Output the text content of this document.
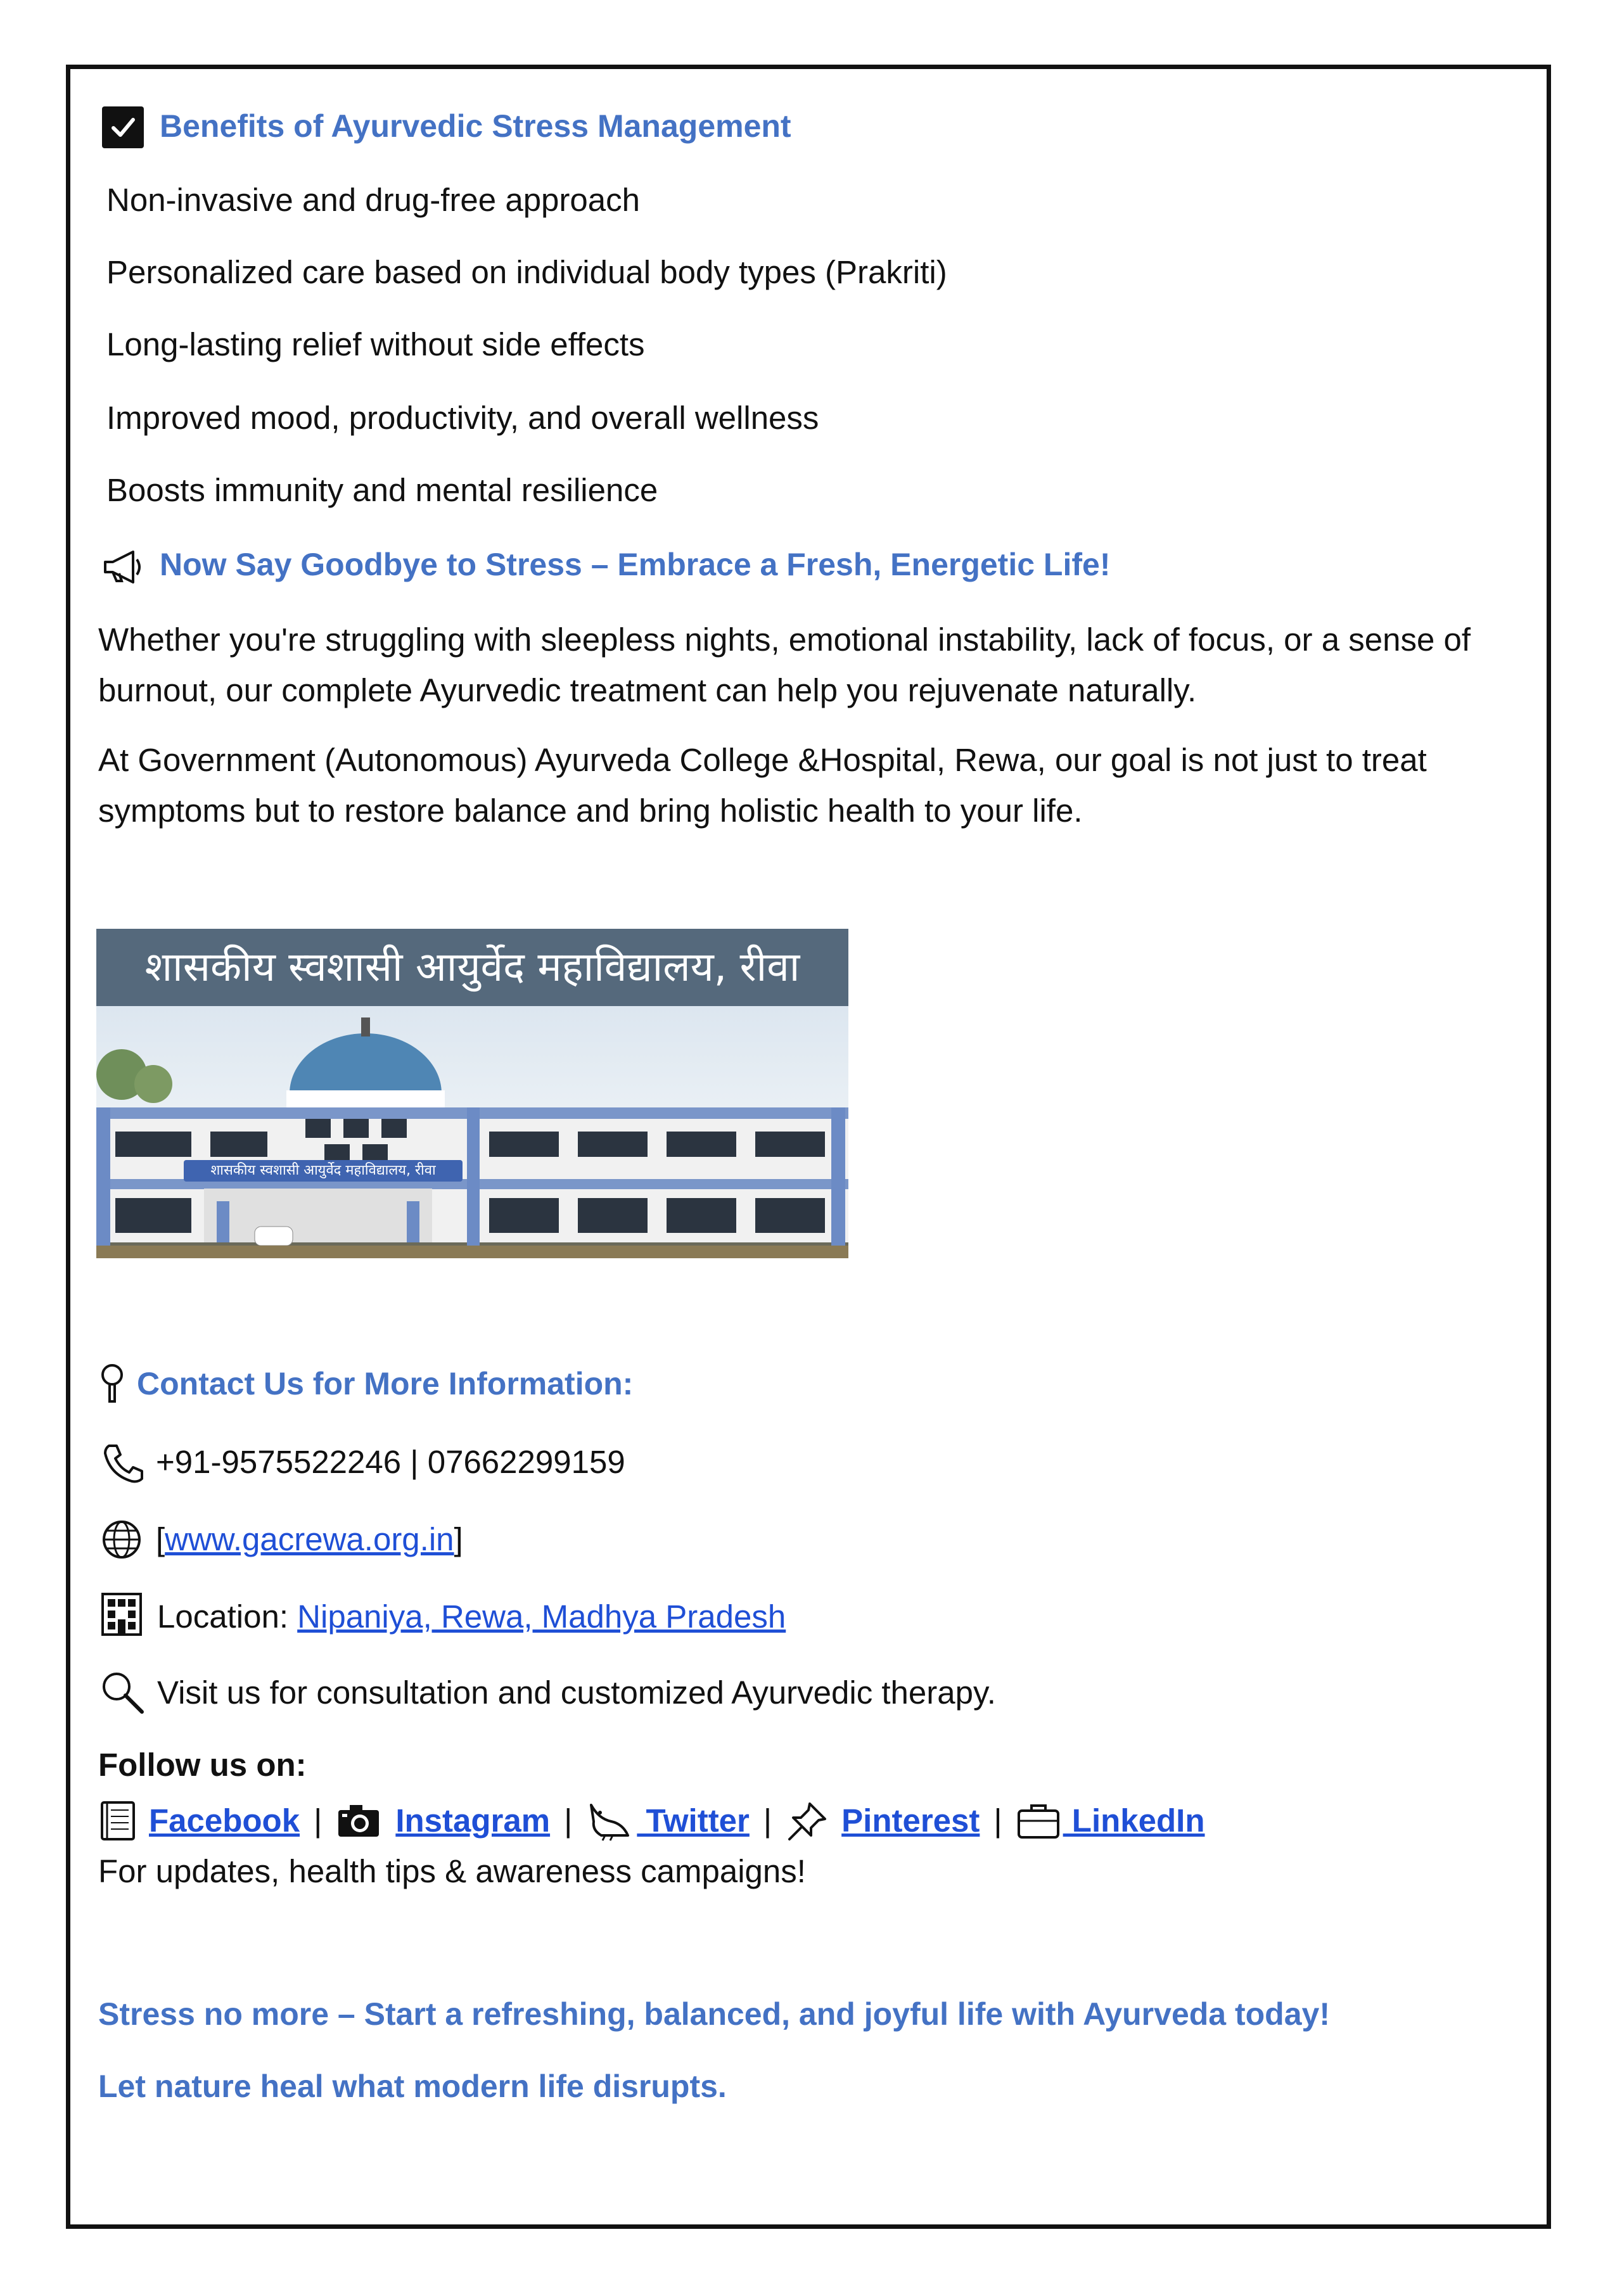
Benefits of Ayurvedic Stress Management
Non-invasive and drug-free approach
Personalized care based on individual body types (Prakriti)
Long-lasting relief without side effects
Improved mood, productivity, and overall wellness
Boosts immunity and mental resilience
Now Say Goodbye to Stress – Embrace a Fresh, Energetic Life!
Whether you're struggling with sleepless nights, emotional instability, lack of focus, or a sense of burnout, our complete Ayurvedic treatment can help you rejuvenate naturally.
At Government (Autonomous) Ayurveda College &Hospital, Rewa, our goal is not just to treat symptoms but to restore balance and bring holistic health to your life.
शासकीय स्वशासी आयुर्वेद महाविद्यालय, रीवा
शासकीय स्वशासी आयुर्वेद महाविद्यालय, रीवा
Contact Us for More Information:
+91-9575522246 | 07662299159
[www.gacrewa.org.in]
Location: Nipaniya, Rewa, Madhya Pradesh
Visit us for consultation and customized Ayurvedic therapy.
Follow us on:
Facebook | Instagram | Twitter | Pinterest | LinkedIn
For updates, health tips & awareness campaigns!
Stress no more – Start a refreshing, balanced, and joyful life with Ayurveda today!
Let nature heal what modern life disrupts.
